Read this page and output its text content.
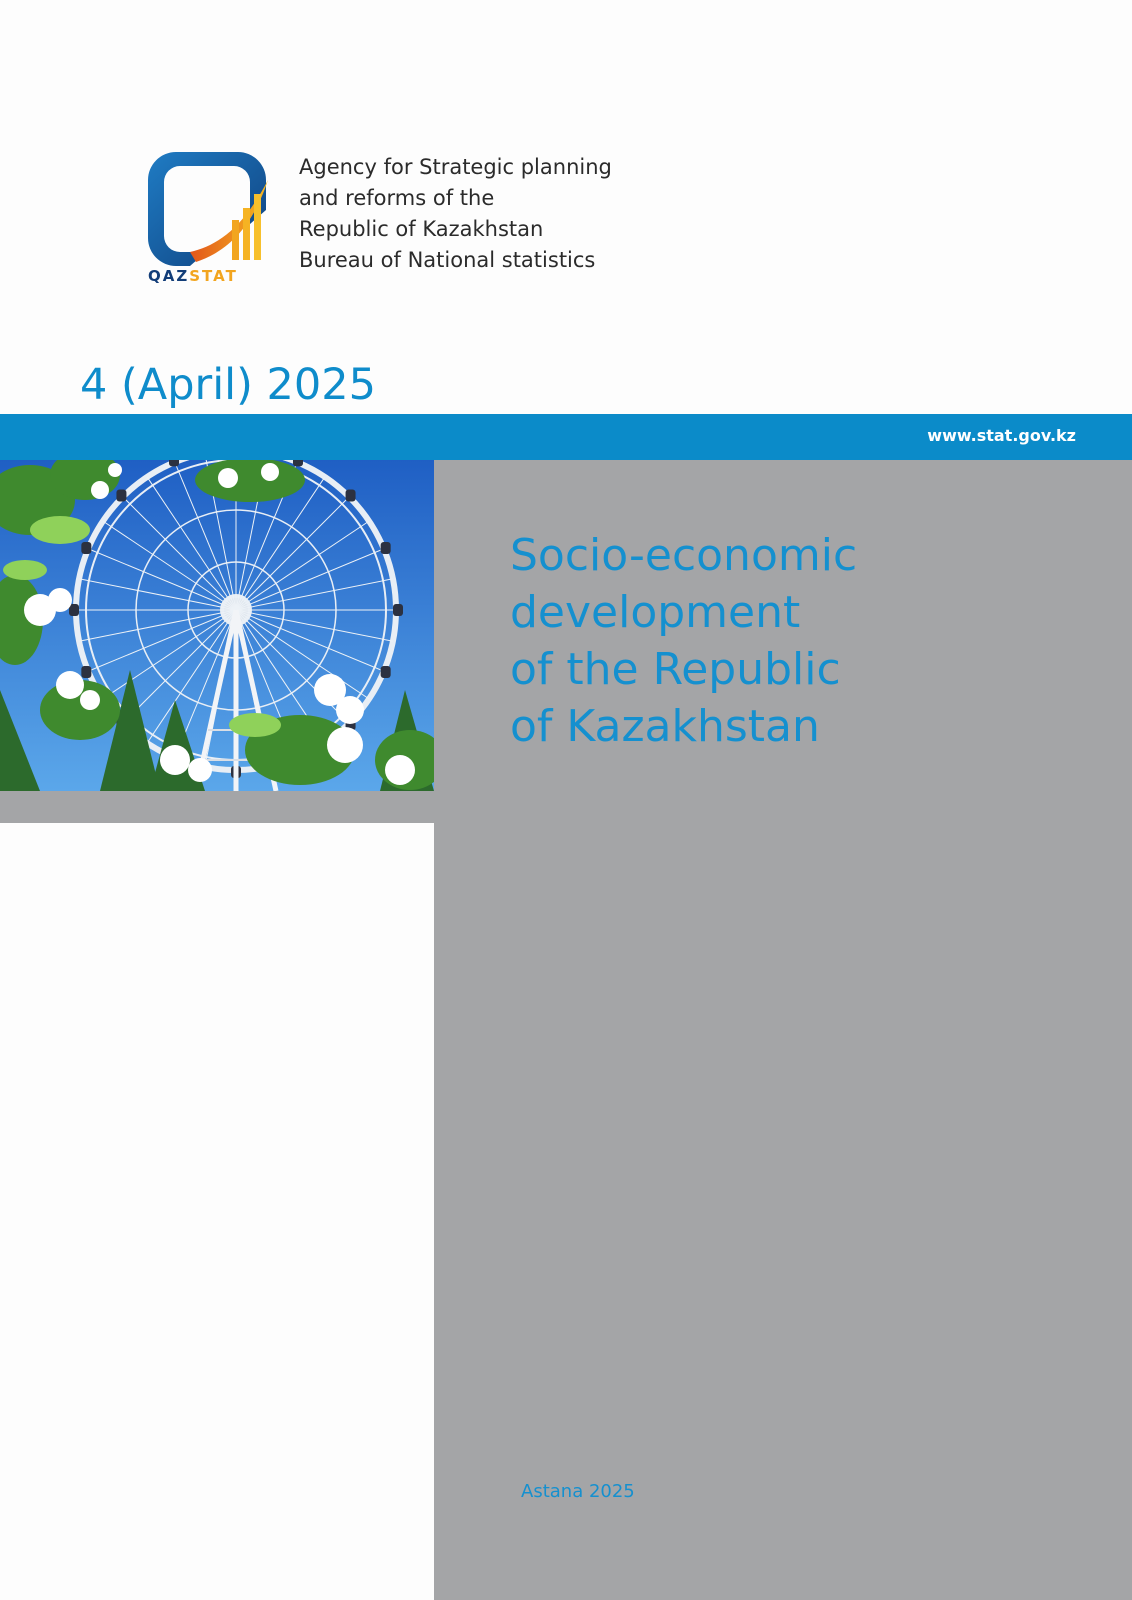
QAZSTAT
Agency for Strategic planning
and reforms of the
Republic of Kazakhstan
Bureau of National statistics
4 (April) 2025
www.stat.gov.kz
Socio-economic
development
of the Republic
of Kazakhstan
Astana 2025
